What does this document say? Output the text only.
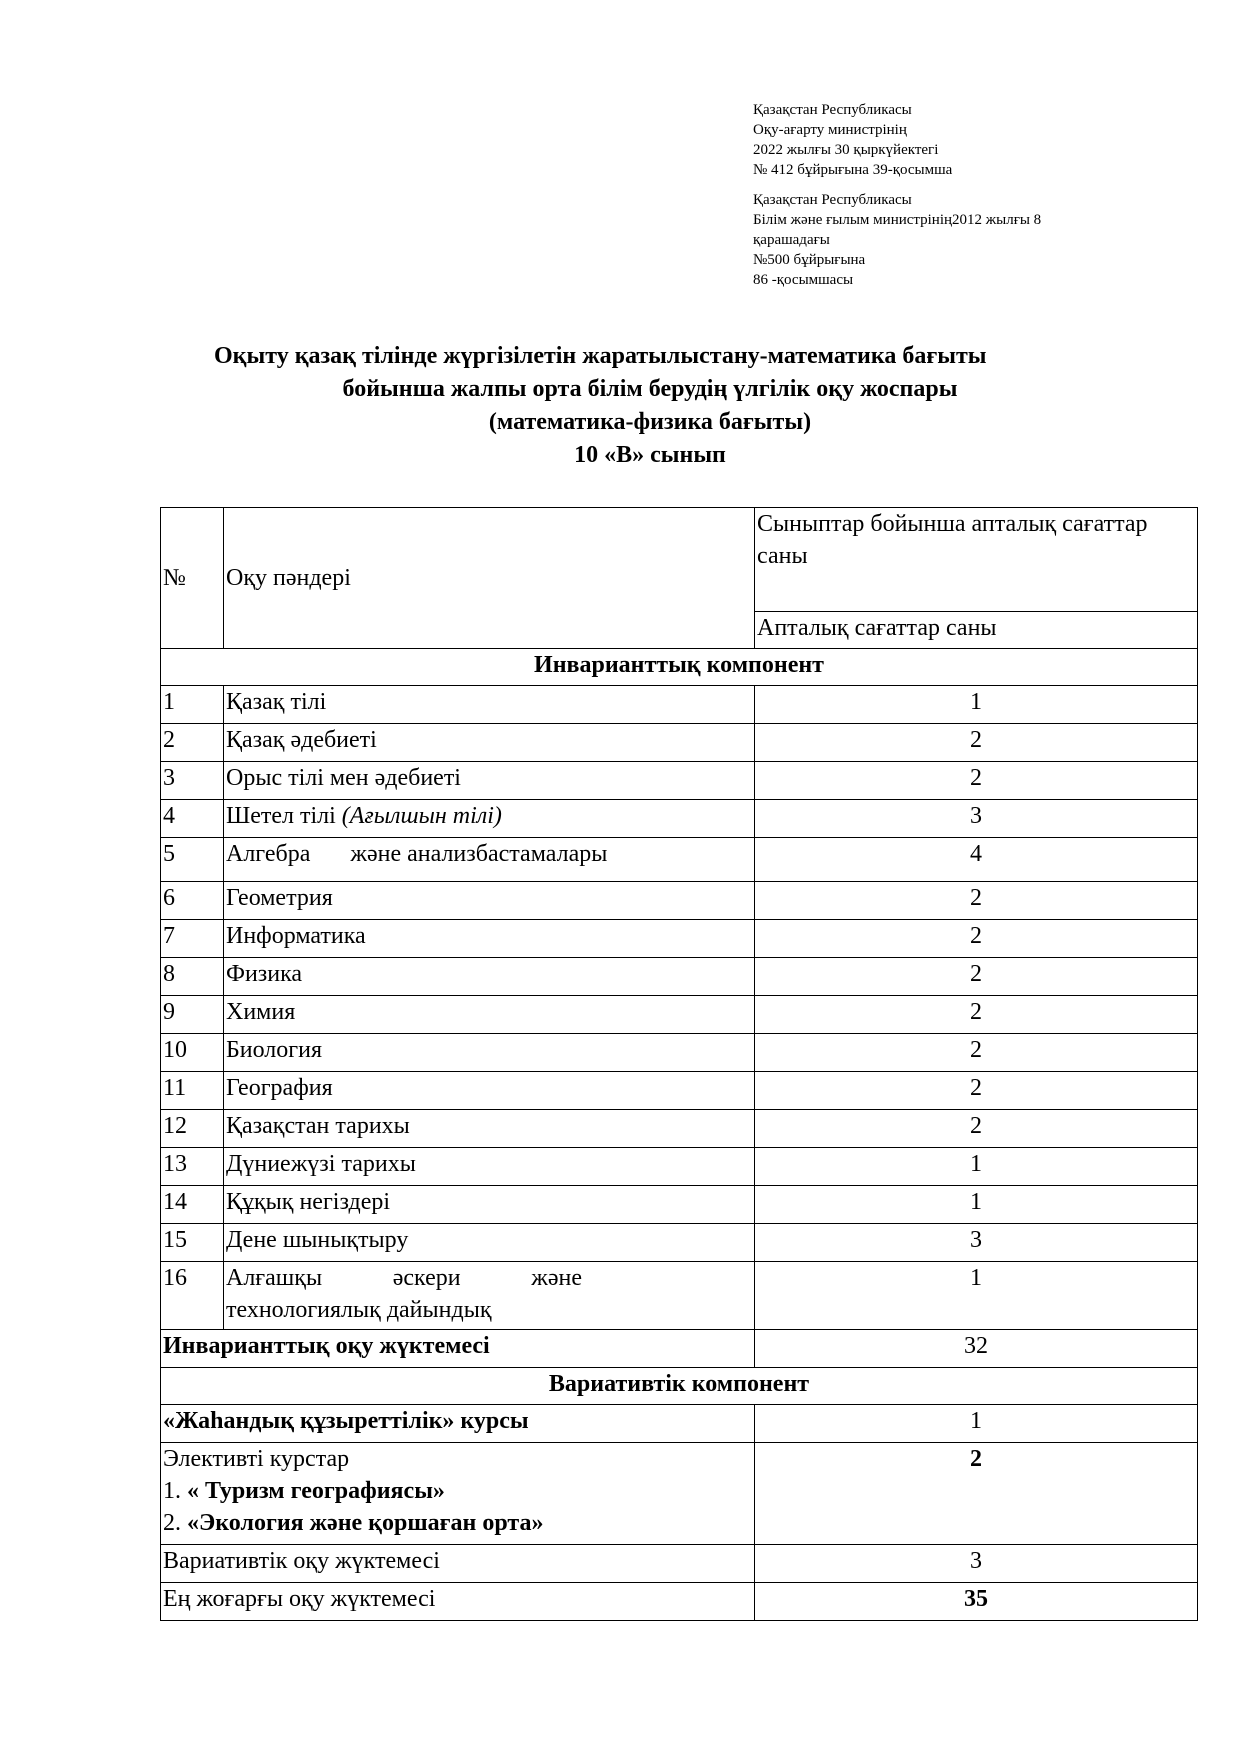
Қазақстан Республикасы

Оқу-ағарту министрінің

2022 жылғы 30 қыркүйектегі

№ 412 бұйрығына 39-қосымша

Қазақстан Республикасы

Білім және ғылым министрінің2012 жылғы 8

қарашадағы

№500 бұйрығына

86 -қосымшасы

Оқыту қазақ тілінде жүргізілетін жаратылыстану-математика бағыты

бойынша жалпы орта білім берудің үлгілік оқу жоспары

(математика-физика бағыты)

10 «В» сынып

№	Оқу пәндері	Сыныптар бойынша апталық сағаттар саны
		Апталық сағаттар саны
Инварианттық компонент		
1	Қазақ тілі	1
2	Қазақ әдебиеті	2
3	Орыс тілі мен әдебиеті	2
4	Шетел тілі (Ағылшын тілі)	3
5	Алгебра және анализбастамалары	4
6	Геометрия	2
7	Информатика	2
8	Физика	2
9	Химия	2
10	Биология	2
11	География	2
12	Қазақстан тарихы	2
13	Дүниежүзі тарихы	1
14	Құқық негіздері	1
15	Дене шынықтыру	3
16	Алғашқы әскери және
технологиялық дайындық	1
Инварианттық оқу жүктемесі		32
Вариативтік компонент		
«Жаһандық құзыреттілік» курсы		1

Элективті курстар
1. « Туризм географиясы»
2. «Экология және қоршаған орта»		2
Вариативтік оқу жүктемесі		3
Ең жоғарғы оқу жүктемесі		35
